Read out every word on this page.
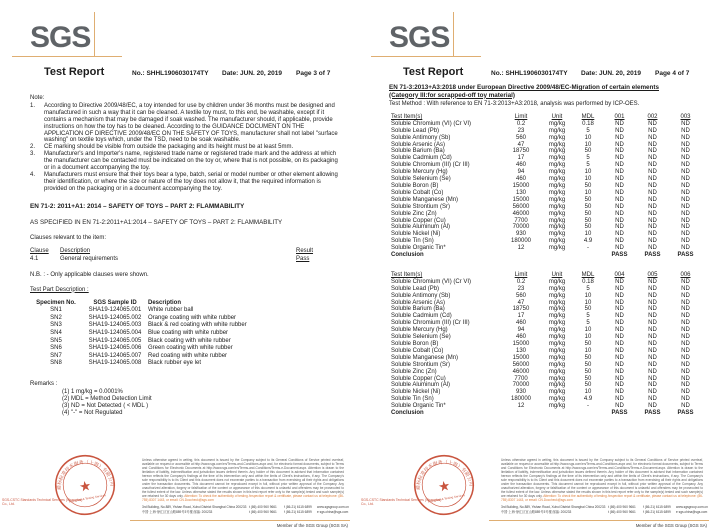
SGS
Test Report	No.: SHHL1906030174TY Date: JUN. 20, 2019 Page 3 of 7
Note:
1.	According to Directive 2009/48/EC, a toy intended for use by children under 36 months must be designed and manufactured in such a way that it can be cleaned. A textile toy must, to this end, be washable, except if it contains a mechanism that may be damaged if soak washed. The manufacturer should, if applicable, provide instructions on how the toy has to be cleaned. According to the GUIDANCE DOCUMENT ON THE APPLICATION OF DIRECTIVE 2009/48/EC ON THE SAFETY OF TOYS, manufacturer shall not label "surface washing" on textile toys which, under the TSD, need to be soak washable.
2.	CE marking should be visible from outside the packaging and its height must be at least 5mm.
3.	Manufacturer's and Importer's name, registered trade name or registered trade mark and the address at which the manufacturer can be contacted must be indicated on the toy or, where that is not possible, on its packaging or in a document accompanying the toy.
4.	Manufacturers must ensure that their toys bear a type, batch, serial or model number or other element allowing their identification, or where the size or nature of the toy does not allow it, that the required information is provided on the packaging or in a document accompanying the toy.
EN 71-2: 2011+A1: 2014 – SAFETY OF TOYS – PART 2: FLAMMABILITY
AS SPECIFIED IN EN 71-2:2011+A1:2014 – SAFETY OF TOYS – PART 2: FLAMMABILITY
Clauses relevant to the item:
Clause	Description	Result
4.1	General requirements	Pass
N.B. : - Only applicable clauses were shown.
Test Part Description :
Specimen No.	SGS Sample ID	Description
SN1	SHA19-124065.001	White rubber ball
SN2	SHA19-124065.002	Orange coating with white rubber
SN3	SHA19-124065.003	Black & red coating with white rubber
SN4	SHA19-124065.004	Blue coating with white rubber
SN5	SHA19-124065.005	Black coating with white rubber
SN6	SHA19-124065.006	Green coating with white rubber
SN7	SHA19-124065.007	Red coating with white rubber
SN8	SHA19-124065.008	Black rubber eye let
Remarks :
(1) 1 mg/kg = 0.0001%
(2) MDL = Method Detection Limit
(3) ND = Not Detected ( < MDL )
(4) "-" = Not Regulated
通标标准技术服务（上海）有限公司
★
Inspection & Testing Services
SGS-CSTC Standards Technical Services (Shanghai) Co., Ltd.
Unless otherwise agreed in writing, this document is issued by the Company subject to its General Conditions of Service printed overleaf, available on request or accessible at http://www.sgs.com/en/Terms-and-Conditions.aspx and, for electronic format documents, subject to Terms and Conditions for Electronic Documents at http://www.sgs.com/en/Terms-and-Conditions/Terms-e-Document.aspx. Attention is drawn to the limitation of liability, indemnification and jurisdiction issues defined therein. Any holder of this document is advised that information contained hereon reflects the Company's findings at the time of its intervention only and within the limits of Client's instructions, if any. The Company's sole responsibility is to its Client and this document does not exonerate parties to a transaction from exercising all their rights and obligations under the transaction documents. This document cannot be reproduced except in full, without prior written approval of the Company. Any unauthorized alteration, forgery or falsification of the content or appearance of this document is unlawful and offenders may be prosecuted to the fullest extent of the law. Unless otherwise stated the results shown in this test report refer only to the sample(s) tested and such sample(s) are retained for 30 days only. Attention: To check the authenticity of testing /inspection report & certificate, please contact us at telephone: (86-755) 8307 1443, or email: CN.Doccheck@sgs.com
3rd Building, No.889, Yishan Road, Xuhui District Shanghai China 200233 t (86) 400 960 9661	f (86-21) 6115 6899	www.sgsgroup.com.cn
中国·上海·徐汇区宜山路889号3号楼 邮编: 200233	t (86) 400 960 9661	f (86-21) 6115 6899	e sgs.china@sgs.com
Member of the SGS Group (SGS SA)
SGS
Test Report	No.: SHHL1906030174TY Date: JUN. 20, 2019 Page 4 of 7
EN 71-3:2013+A3:2018 under European Directive 2009/48/EC-Migration of certain elements
(Category III:for scrapped-off toy material)
Test Method : With reference to EN 71-3:2013+A3:2018, analysis was performed by ICP-OES.
Test Item(s)	Limit	Unit	MDL	001	002	003
Soluble Chromium (VI) (Cr VI)	0.2	mg/kg	0.18	ND	ND	ND
Soluble Lead (Pb)	23	mg/kg	5	ND	ND	ND
Soluble Antimony (Sb)	560	mg/kg	10	ND	ND	ND
Soluble Arsenic (As)	47	mg/kg	10	ND	ND	ND
Soluble Barium (Ba)	18750	mg/kg	50	ND	ND	ND
Soluble Cadmium (Cd)	17	mg/kg	5	ND	ND	ND
Soluble Chromium (III) (Cr III)	460	mg/kg	5	ND	ND	ND
Soluble Mercury (Hg)	94	mg/kg	10	ND	ND	ND
Soluble Selenium (Se)	460	mg/kg	10	ND	ND	ND
Soluble Boron (B)	15000	mg/kg	50	ND	ND	ND
Soluble Cobalt (Co)	130	mg/kg	10	ND	ND	ND
Soluble Manganese (Mn)	15000	mg/kg	50	ND	ND	ND
Soluble Strontium (Sr)	56000	mg/kg	50	ND	ND	ND
Soluble Zinc (Zn)	46000	mg/kg	50	ND	ND	ND
Soluble Copper (Cu)	7700	mg/kg	50	ND	ND	ND
Soluble Aluminum (Al)	70000	mg/kg	50	ND	ND	ND
Soluble Nickel (Ni)	930	mg/kg	10	ND	ND	ND
Soluble Tin (Sn)	180000	mg/kg	4.9	ND	ND	ND
Soluble Organic Tin*	12	mg/kg	-	ND	ND	ND
Conclusion	PASS	PASS	PASS
Test Item(s)	Limit	Unit	MDL	004	005	006
Soluble Chromium (VI) (Cr VI)	0.2	mg/kg	0.18	ND	ND	ND
Soluble Lead (Pb)	23	mg/kg	5	ND	ND	ND
Soluble Antimony (Sb)	560	mg/kg	10	ND	ND	ND
Soluble Arsenic (As)	47	mg/kg	10	ND	ND	ND
Soluble Barium (Ba)	18750	mg/kg	50	ND	ND	ND
Soluble Cadmium (Cd)	17	mg/kg	5	ND	ND	ND
Soluble Chromium (III) (Cr III)	460	mg/kg	5	ND	ND	ND
Soluble Mercury (Hg)	94	mg/kg	10	ND	ND	ND
Soluble Selenium (Se)	460	mg/kg	10	ND	ND	ND
Soluble Boron (B)	15000	mg/kg	50	ND	ND	ND
Soluble Cobalt (Co)	130	mg/kg	10	ND	ND	ND
Soluble Manganese (Mn)	15000	mg/kg	50	ND	ND	ND
Soluble Strontium (Sr)	56000	mg/kg	50	ND	ND	ND
Soluble Zinc (Zn)	46000	mg/kg	50	ND	ND	ND
Soluble Copper (Cu)	7700	mg/kg	50	ND	ND	ND
Soluble Aluminum (Al)	70000	mg/kg	50	ND	ND	ND
Soluble Nickel (Ni)	930	mg/kg	10	ND	ND	ND
Soluble Tin (Sn)	180000	mg/kg	4.9	ND	ND	ND
Soluble Organic Tin*	12	mg/kg	-	ND	ND	ND
Conclusion	PASS	PASS	PASS
通标标准技术服务（上海）有限公司
★
Inspection & Testing Services
SGS-CSTC Standards Technical Services (Shanghai) Co., Ltd.
Unless otherwise agreed in writing, this document is issued by the Company subject to its General Conditions of Service printed overleaf, available on request or accessible at http://www.sgs.com/en/Terms-and-Conditions.aspx and, for electronic format documents, subject to Terms and Conditions for Electronic Documents at http://www.sgs.com/en/Terms-and-Conditions/Terms-e-Document.aspx. Attention is drawn to the limitation of liability, indemnification and jurisdiction issues defined therein. Any holder of this document is advised that information contained hereon reflects the Company's findings at the time of its intervention only and within the limits of Client's instructions, if any. The Company's sole responsibility is to its Client and this document does not exonerate parties to a transaction from exercising all their rights and obligations under the transaction documents. This document cannot be reproduced except in full, without prior written approval of the Company. Any unauthorized alteration, forgery or falsification of the content or appearance of this document is unlawful and offenders may be prosecuted to the fullest extent of the law. Unless otherwise stated the results shown in this test report refer only to the sample(s) tested and such sample(s) are retained for 30 days only. Attention: To check the authenticity of testing /inspection report & certificate, please contact us at telephone: (86-755) 8307 1443, or email: CN.Doccheck@sgs.com
3rd Building, No.889, Yishan Road, Xuhui District Shanghai China 200233 t (86) 400 960 9661	f (86-21) 6115 6899	www.sgsgroup.com.cn
中国·上海·徐汇区宜山路889号3号楼 邮编: 200233	t (86) 400 960 9661	f (86-21) 6115 6899	e sgs.china@sgs.com
Member of the SGS Group (SGS SA)
